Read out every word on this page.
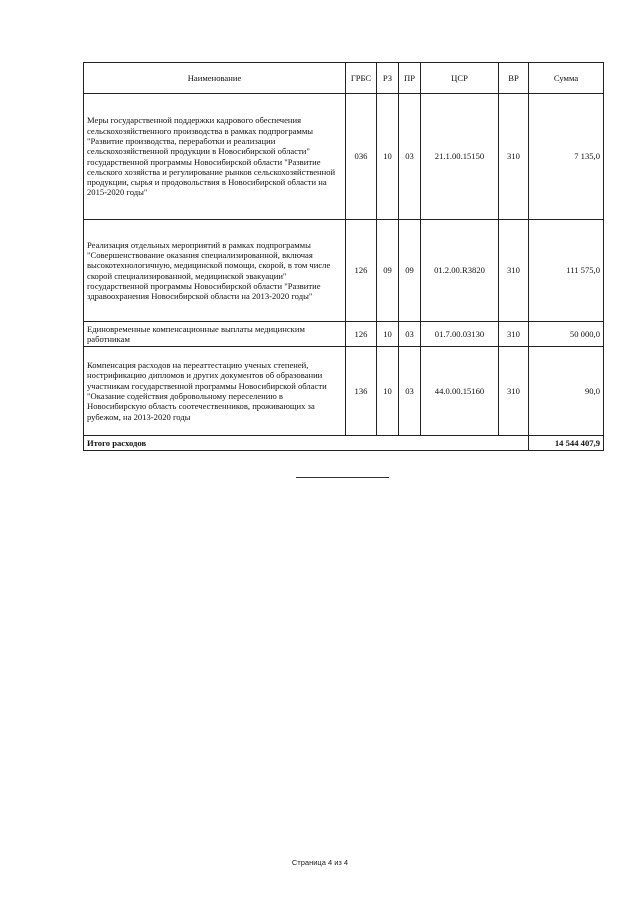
Наименование	ГРБС	РЗ	ПР	ЦСР	ВР	Сумма
Меры государственной поддержки кадрового обеспечения сельскохозяйственного производства в рамках подпрограммы "Развитие производства, переработки и реализации сельскохозяйственной продукции в Новосибирской области" государственной программы Новосибирской области "Развитие сельского хозяйства и регулирование рынков сельскохозяйственной продукции, сырья и продовольствия в Новосибирской области на 2015-2020 годы"	036	10	03	21.1.00.15150	310	7 135,0
Реализация отдельных мероприятий в рамках подпрограммы "Совершенствование оказания специализированной, включая высокотехнологичную, медицинской помощи, скорой, в том числе скорой специализированной, медицинской эвакуации" государственной программы Новосибирской области "Развитие здравоохранения Новосибирской области на 2013-2020 годы"	126	09	09	01.2.00.R3820	310	111 575,0
Единовременные компенсационные выплаты медицинским работникам	126	10	03	01.7.00.03130	310	50 000,0
Компенсация расходов на переаттестацию ученых степеней, нострификацию дипломов и других документов об образовании участникам государственной программы Новосибирской области "Оказание содействия добровольному переселению в Новосибирскую область соотечественников, проживающих за рубежом, на 2013-2020 годы	136	10	03	44.0.00.15160	310	90,0
Итого расходов						14 544 407,9
Страница 4 из 4
